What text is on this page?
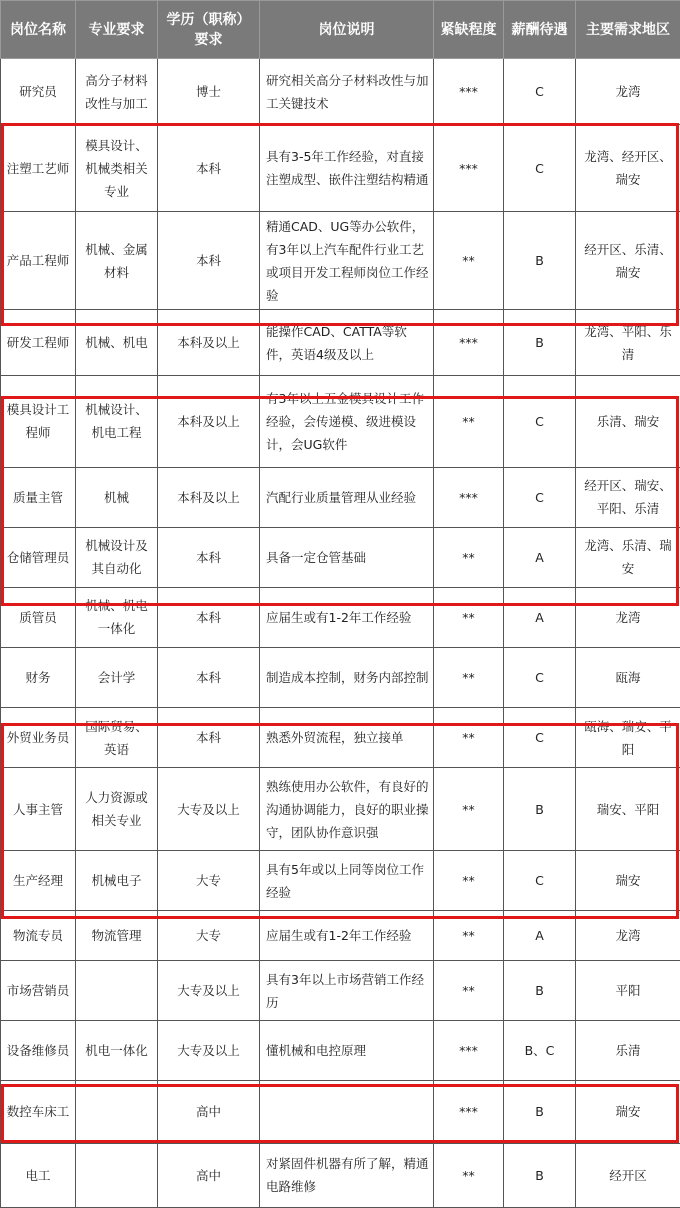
岗位名称	专业要求	学历（职称）要求	岗位说明	紧缺程度	薪酬待遇	主要需求地区
研究员	高分子材料改性与加工	博士	研究相关高分子材料改性与加工关键技术	***	C	龙湾
注塑工艺师	模具设计、机械类相关专业	本科	具有3-5年工作经验，对直接注塑成型、嵌件注塑结构精通	***	C	龙湾、经开区、瑞安
产品工程师	机械、金属材料	本科	精通CAD、UG等办公软件，有3年以上汽车配件行业工艺或项目开发工程师岗位工作经验	**	B	经开区、乐清、瑞安
研发工程师	机械、机电	本科及以上	能操作CAD、CATTA等软件，英语4级及以上	***	B	龙湾、平阳、乐清
模具设计工程师	机械设计、机电工程	本科及以上	有3年以上五金模具设计工作经验，会传递模、级进模设计，会UG软件	**	C	乐清、瑞安
质量主管	机械	本科及以上	汽配行业质量管理从业经验	***	C	经开区、瑞安、平阳、乐清
仓储管理员	机械设计及其自动化	本科	具备一定仓管基础	**	A	龙湾、乐清、瑞安
质管员	机械、机电一体化	本科	应届生或有1-2年工作经验	**	A	龙湾
财务	会计学	本科	制造成本控制，财务内部控制	**	C	瓯海
外贸业务员	国际贸易、英语	本科	熟悉外贸流程，独立接单	**	C	瓯海、瑞安、平阳
人事主管	人力资源或相关专业	大专及以上	熟练使用办公软件，有良好的沟通协调能力，良好的职业操守，团队协作意识强	**	B	瑞安、平阳
生产经理	机械电子	大专	具有5年或以上同等岗位工作经验	**	C	瑞安
物流专员	物流管理	大专	应届生或有1-2年工作经验	**	A	龙湾
市场营销员		大专及以上	具有3年以上市场营销工作经历	**	B	平阳
设备维修员	机电一体化	大专及以上	懂机械和电控原理	***	B、C	乐清
数控车床工		高中		***	B	瑞安
电工		高中	对紧固件机器有所了解，精通电路维修	**	B	经开区
